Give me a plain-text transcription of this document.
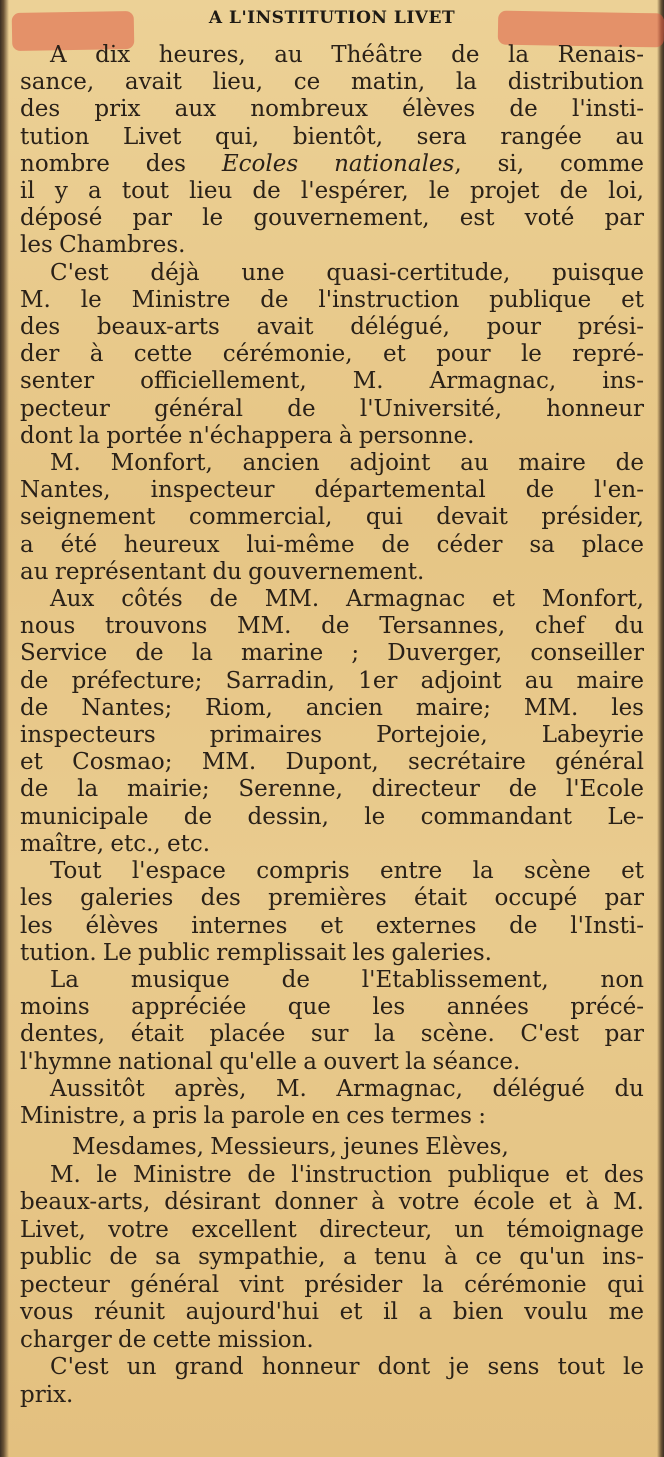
A L'INSTITUTION LIVET

A dix heures, au Théâtre de la Renais-

sance, avait lieu, ce matin, la distribution

des prix aux nombreux élèves de l'insti-

tution Livet qui, bientôt, sera rangée au

nombre des Ecoles nationales, si, comme

il y a tout lieu de l'espérer, le projet de loi,

déposé par le gouvernement, est voté par

les Chambres.

C'est déjà une quasi-certitude, puisque

M. le Ministre de l'instruction publique et

des beaux-arts avait délégué, pour prési-

der à cette cérémonie, et pour le repré-

senter officiellement, M. Armagnac, ins-

pecteur général de l'Université, honneur

dont la portée n'échappera à personne.

M. Monfort, ancien adjoint au maire de

Nantes, inspecteur départemental de l'en-

seignement commercial, qui devait présider,

a été heureux lui-même de céder sa place

au représentant du gouvernement.

Aux côtés de MM. Armagnac et Monfort,

nous trouvons MM. de Tersannes, chef du

Service de la marine ; Duverger, conseiller

de préfecture; Sarradin, 1er adjoint au maire

de Nantes; Riom, ancien maire; MM. les

inspecteurs primaires Portejoie, Labeyrie

et Cosmao; MM. Dupont, secrétaire général

de la mairie; Serenne, directeur de l'Ecole

municipale de dessin, le commandant Le-

maître, etc., etc.

Tout l'espace compris entre la scène et

les galeries des premières était occupé par

les élèves internes et externes de l'Insti-

tution. Le public remplissait les galeries.

La musique de l'Etablissement, non

moins appréciée que les années précé-

dentes, était placée sur la scène. C'est par

l'hymne national qu'elle a ouvert la séance.

Aussitôt après, M. Armagnac, délégué du

Ministre, a pris la parole en ces termes :

Mesdames, Messieurs, jeunes Elèves,

M. le Ministre de l'instruction publique et des

beaux-arts, désirant donner à votre école et à M.

Livet, votre excellent directeur, un témoignage

public de sa sympathie, a tenu à ce qu'un ins-

pecteur général vint présider la cérémonie qui

vous réunit aujourd'hui et il a bien voulu me

charger de cette mission.

C'est un grand honneur dont je sens tout le

prix.
